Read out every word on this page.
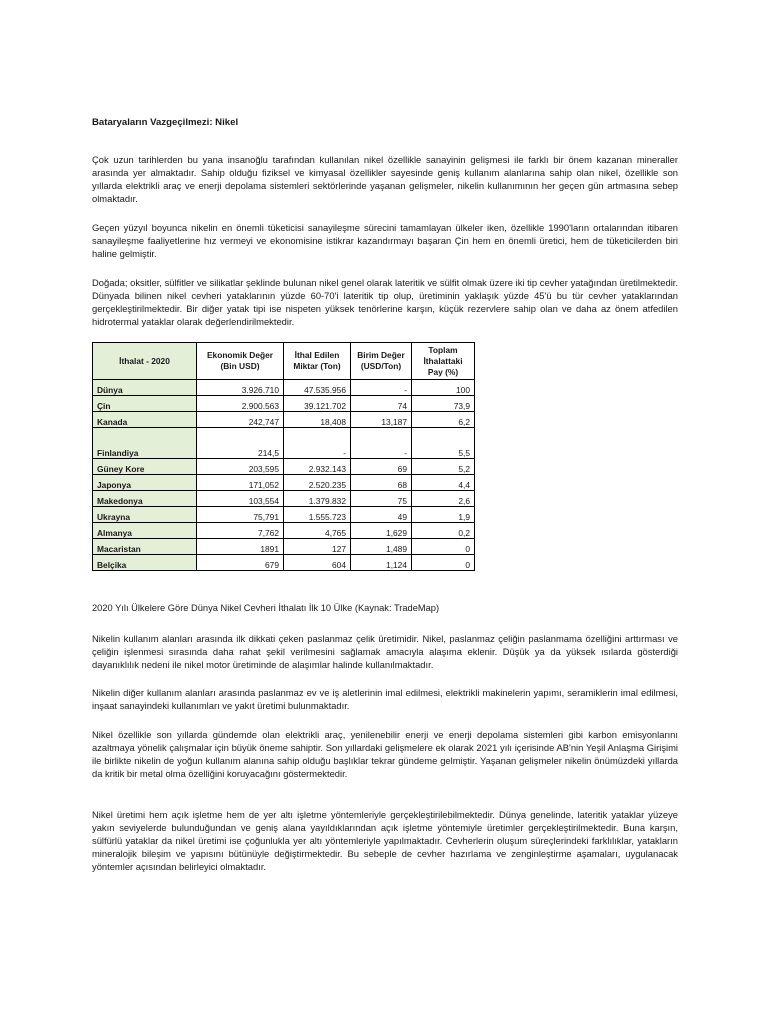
Bataryaların Vazgeçilmezi: Nikel

Çok uzun tarihlerden bu yana insanoğlu tarafından kullanılan nikel özellikle sanayinin gelişmesi ile farklı bir önem kazanan mineraller arasında yer almaktadır. Sahip olduğu fiziksel ve kimyasal özellikler sayesinde geniş kullanım alanlarına sahip olan nikel, özellikle son yıllarda elektrikli araç ve enerji depolama sistemleri sektörlerinde yaşanan gelişmeler, nikelin kullanımının her geçen gün artmasına sebep olmaktadır.

Geçen yüzyıl boyunca nikelin en önemli tüketicisi sanayileşme sürecini tamamlayan ülkeler iken, özellikle 1990'ların ortalarından itibaren sanayileşme faaliyetlerine hız vermeyi ve ekonomisine istikrar kazandırmayı başaran Çin hem en önemli üretici, hem de tüketicilerden biri haline gelmiştir.

Doğada; oksitler, sülfitler ve silikatlar şeklinde bulunan nikel genel olarak lateritik ve sülfit olmak üzere iki tip cevher yatağından üretilmektedir. Dünyada bilinen nikel cevheri yataklarının yüzde 60-70'i lateritik tip olup, üretiminin yaklaşık yüzde 45'ü bu tür cevher yataklarından gerçekleştirilmektedir. Bir diğer yatak tipi ise nispeten yüksek tenörlerine karşın, küçük rezervlere sahip olan ve daha az önem atfedilen hidrotermal yataklar olarak değerlendirilmektedir.

İthalat - 2020	Ekonomik Değer (Bin USD)	İthal Edilen Miktar (Ton)	Birim Değer (USD/Ton)	Toplam İthalattaki Pay (%)
Dünya	3.926.710	47.535.956	-	100
Çin	2.900.563	39.121.702	74	73,9
Kanada	242,747	18,408	13,187	6,2
Finlandiya	214,5	-	-	5,5
Güney Kore	203,595	2.932.143	69	5,2
Japonya	171,052	2.520.235	68	4,4
Makedonya	103,554	1.379.832	75	2,6
Ukrayna	75,791	1.555.723	49	1,9
Almanya	7,762	4,765	1,629	0,2
Macaristan	1891	127	1,489	0
Belçika	679	604	1,124	0

2020 Yılı Ülkelere Göre Dünya Nikel Cevheri İthalatı İlk 10 Ülke (Kaynak: TradeMap)

Nikelin kullanım alanları arasında ilk dikkati çeken paslanmaz çelik üretimidir. Nikel, paslanmaz çeliğin paslanmama özelliğini arttırması ve çeliğin işlenmesi sırasında daha rahat şekil verilmesini sağlamak amacıyla alaşıma eklenir. Düşük ya da yüksek ısılarda gösterdiği dayanıklılık nedeni ile nikel motor üretiminde de alaşımlar halinde kullanılmaktadır.

Nikelin diğer kullanım alanları arasında paslanmaz ev ve iş aletlerinin imal edilmesi, elektrikli makinelerin yapımı, seramiklerin imal edilmesi, inşaat sanayindeki kullanımları ve yakıt üretimi bulunmaktadır.

Nikel özellikle son yıllarda gündemde olan elektrikli araç, yenilenebilir enerji ve enerji depolama sistemleri gibi karbon emisyonlarını azaltmaya yönelik çalışmalar için büyük öneme sahiptir. Son yıllardaki gelişmelere ek olarak 2021 yılı içerisinde AB'nin Yeşil Anlaşma Girişimi ile birlikte nikelin de yoğun kullanım alanına sahip olduğu başlıklar tekrar gündeme gelmiştir. Yaşanan gelişmeler nikelin önümüzdeki yıllarda da kritik bir metal olma özelliğini koruyacağını göstermektedir.

Nikel üretimi hem açık işletme hem de yer altı işletme yöntemleriyle gerçekleştirilebilmektedir. Dünya genelinde, lateritik yataklar yüzeye yakın seviyelerde bulunduğundan ve geniş alana yayıldıklarından açık işletme yöntemiyle üretimler gerçekleştirilmektedir. Buna karşın, sülfürlü yataklar da nikel üretimi ise çoğunlukla yer altı yöntemleriyle yapılmaktadır. Cevherlerin oluşum süreçlerindeki farklılıklar, yatakların mineralojik bileşim ve yapısını bütünüyle değiştirmektedir. Bu sebeple de cevher hazırlama ve zenginleştirme aşamaları, uygulanacak yöntemler açısından belirleyici olmaktadır.
